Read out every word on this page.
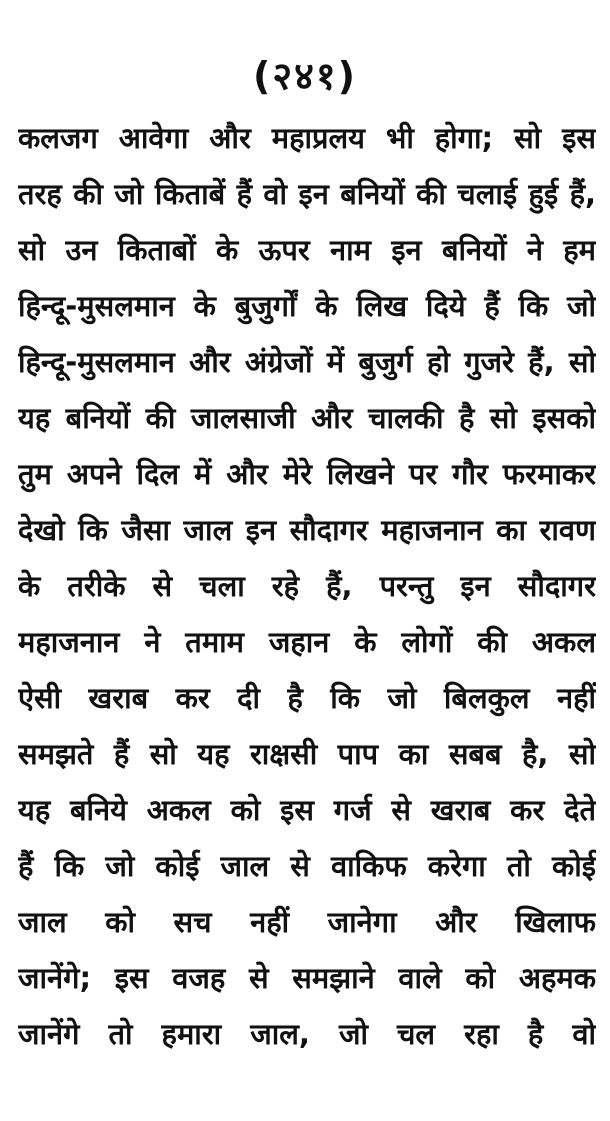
(२४१)
कलजग आवेगा और महाप्रलय भी होगा; सो इस
तरह की जो किताबें हैं वो इन बनियों की चलाई हुई हैं,
सो उन किताबों के ऊपर नाम इन बनियों ने हम
हिन्दू-मुसलमान के बुजुर्गों के लिख दिये हैं कि जो
हिन्दू-मुसलमान और अंग्रेजों में बुजुर्ग हो गुजरे हैं, सो
यह बनियों की जालसाजी और चालकी है सो इसको
तुम अपने दिल में और मेरे लिखने पर गौर फरमाकर
देखो कि जैसा जाल इन सौदागर महाजनान का रावण
के तरीके से चला रहे हैं, परन्तु इन सौदागर
महाजनान ने तमाम जहान के लोगों की अकल
ऐसी खराब कर दी है कि जो बिलकुल नहीं
समझते हैं सो यह राक्षसी पाप का सबब है, सो
यह बनिये अकल को इस गर्ज से खराब कर देते
हैं कि जो कोई जाल से वाकिफ करेगा तो कोई
जाल को सच नहीं जानेगा और खिलाफ
जानेंगे; इस वजह से समझाने वाले को अहमक
जानेंगे तो हमारा जाल, जो चल रहा है वो
